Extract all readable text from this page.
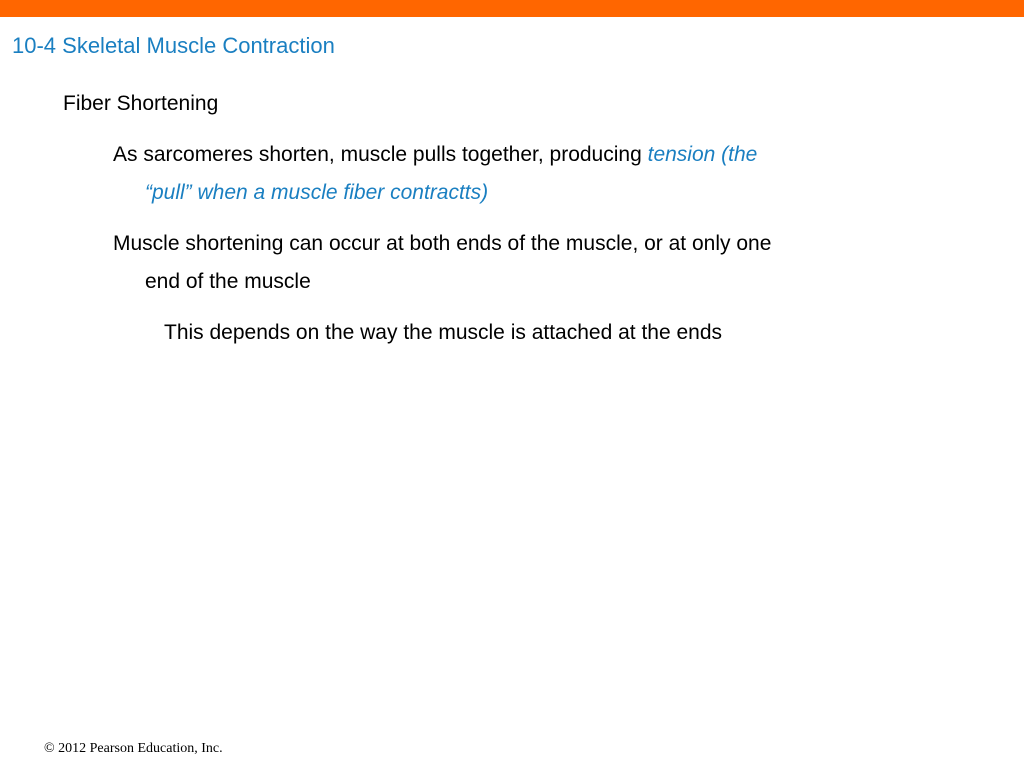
10-4 Skeletal Muscle Contraction
Fiber Shortening
As sarcomeres shorten, muscle pulls together, producing tension (the
“pull” when a muscle fiber contractts)
Muscle shortening can occur at both ends of the muscle, or at only one
end of the muscle
This depends on the way the muscle is attached at the ends
© 2012 Pearson Education, Inc.
